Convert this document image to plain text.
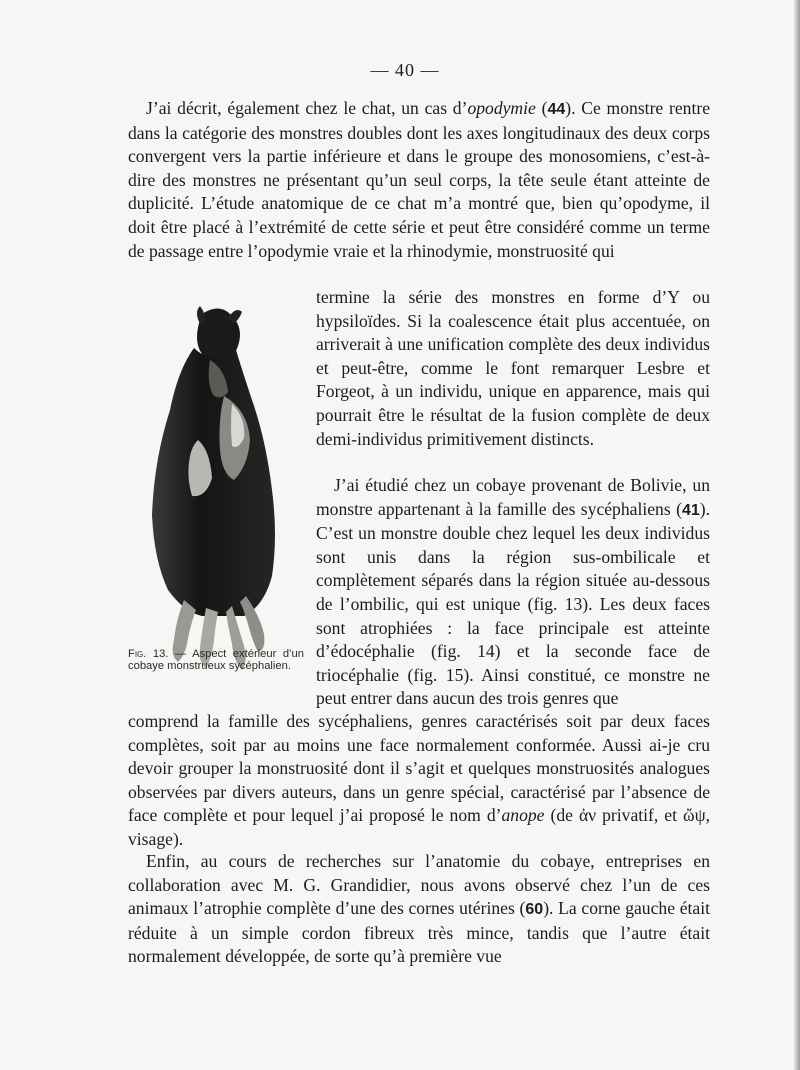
— 40 —
J’ai décrit, également chez le chat, un cas d’opodymie (44). Ce monstre rentre dans la catégorie des monstres doubles dont les axes longitudinaux des deux corps convergent vers la partie inférieure et dans le groupe des monosomiens, c’est-à-dire des monstres ne présentant qu’un seul corps, la tête seule étant atteinte de duplicité. L’étude anatomique de ce chat m’a montré que, bien qu’opodyme, il doit être placé à l’extrémité de cette série et peut être considéré comme un terme de passage entre l’opodymie vraie et la rhinodymie, monstruosité qui
termine la série des monstres en forme d’Y ou hypsiloïdes. Si la coalescence était plus accentuée, on arriverait à une unification complète des deux individus et peut-être, comme le font remarquer Lesbre et Forgeot, à un individu, unique en apparence, mais qui pourrait être le résultat de la fusion complète de deux demi-individus primitivement distincts.
J’ai étudié chez un cobaye provenant de Bolivie, un monstre appartenant à la famille des sycéphaliens (41). C’est un monstre double chez lequel les deux individus sont unis dans la région sus-ombilicale et complètement séparés dans la région située au-dessous de l’ombilic, qui est unique (fig. 13). Les deux faces sont atrophiées : la face principale est atteinte d’édocéphalie (fig. 14) et la seconde face de triocéphalie (fig. 15). Ainsi constitué, ce monstre ne peut entrer dans aucun des trois genres que
comprend la famille des sycéphaliens, genres caractérisés soit par deux faces complètes, soit par au moins une face normalement conformée. Aussi ai-je cru devoir grouper la monstruosité dont il s’agit et quelques monstruosités analogues observées par divers auteurs, dans un genre spécial, caractérisé par l’absence de face complète et pour lequel j’ai proposé le nom d’anope (de ἀν privatif, et ὤψ, visage).
Enfin, au cours de recherches sur l’anatomie du cobaye, entreprises en collaboration avec M. G. Grandidier, nous avons observé chez l’un de ces animaux l’atrophie complète d’une des cornes utérines (60). La corne gauche était réduite à un simple cordon fibreux très mince, tandis que l’autre était normalement développée, de sorte qu’à première vue
Fig. 13. — Aspect extérieur d’un cobaye monstrueux sycéphalien.
